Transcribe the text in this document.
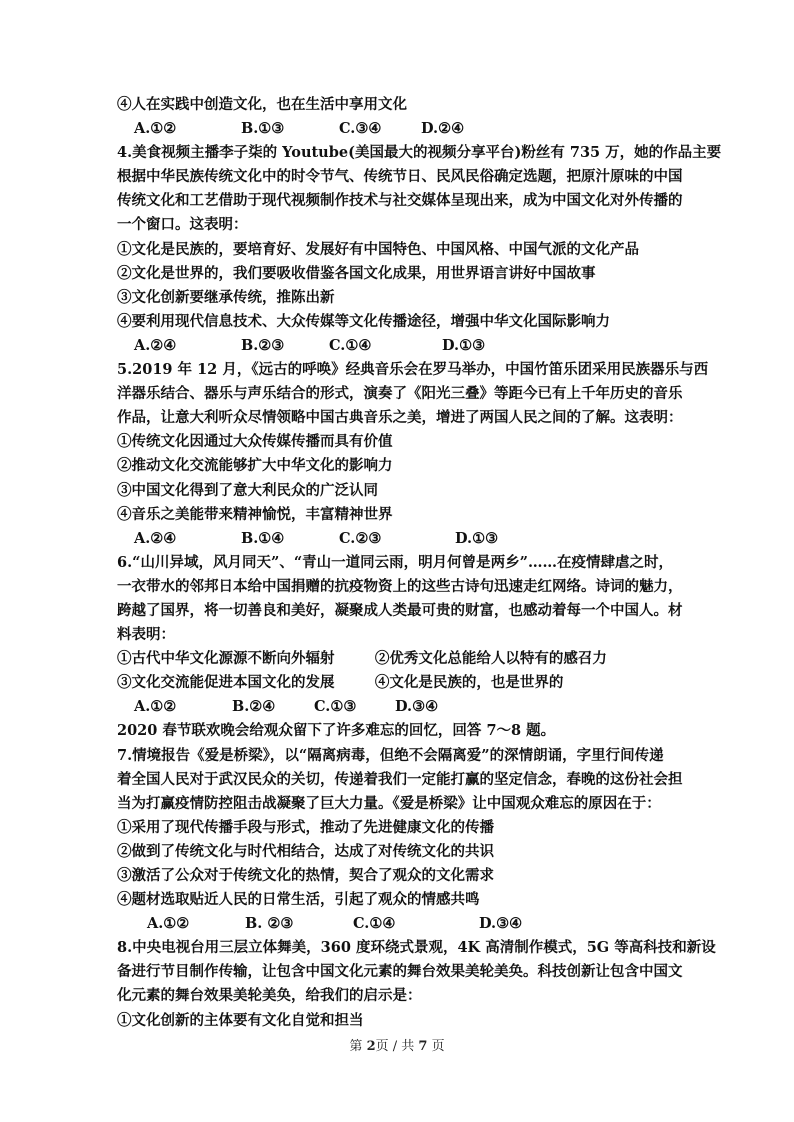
④人在实践中创造文化，也在生活中享用文化
A.①②	B.①③	C.③④	D.②④
4.美食视频主播李子柒的 Youtube(美国最大的视频分享平台)粉丝有 735 万，她的作品主要
根据中华民族传统文化中的时令节气、传统节日、民风民俗确定选题，把原汁原味的中国
传统文化和工艺借助于现代视频制作技术与社交媒体呈现出来，成为中国文化对外传播的
一个窗口。这表明：
①文化是民族的，要培育好、发展好有中国特色、中国风格、中国气派的文化产品
②文化是世界的，我们要吸收借鉴各国文化成果，用世界语言讲好中国故事
③文化创新要继承传统，推陈出新
④要利用现代信息技术、大众传媒等文化传播途径，增强中华文化国际影响力
A.②④	B.②③	C.①④	D.①③
5.2019 年 12 月，《远古的呼唤》经典音乐会在罗马举办，中国竹笛乐团采用民族器乐与西
洋器乐结合、器乐与声乐结合的形式，演奏了《阳光三叠》等距今已有上千年历史的音乐
作品，让意大利听众尽情领略中国古典音乐之美，增进了两国人民之间的了解。这表明：
①传统文化因通过大众传媒传播而具有价值
②推动文化交流能够扩大中华文化的影响力
③中国文化得到了意大利民众的广泛认同
④音乐之美能带来精神愉悦，丰富精神世界
A.②④	B.①④	C.②③	D.①③
6.“山川异域，风月同天”、“青山一道同云雨，明月何曾是两乡”……在疫情肆虐之时，
一衣带水的邻邦日本给中国捐赠的抗疫物资上的这些古诗句迅速走红网络。诗词的魅力，
跨越了国界，将一切善良和美好，凝聚成人类最可贵的财富，也感动着每一个中国人。材
料表明：
①古代中华文化源源不断向外辐射        ②优秀文化总能给人以特有的感召力
③文化交流能促进本国文化的发展        ④文化是民族的，也是世界的
A.①②	B.②④	C.①③	D.③④
2020 春节联欢晚会给观众留下了许多难忘的回忆，回答 7～8 题。
7.情境报告《爱是桥梁》，以“隔离病毒，但绝不会隔离爱”的深情朗诵，字里行间传递
着全国人民对于武汉民众的关切，传递着我们一定能打赢的坚定信念，春晚的这份社会担
当为打赢疫情防控阻击战凝聚了巨大力量。《爱是桥梁》让中国观众难忘的原因在于：
①采用了现代传播手段与形式，推动了先进健康文化的传播
②做到了传统文化与时代相结合，达成了对传统文化的共识
③激活了公众对于传统文化的热情，契合了观众的文化需求
④题材选取贴近人民的日常生活，引起了观众的情感共鸣
A.①②	B. ②③	C.①④	D.③④
8.中央电视台用三层立体舞美，360 度环绕式景观，4K 高清制作模式，5G 等高科技和新设
备进行节目制作传输，让包含中国文化元素的舞台效果美轮美奂。科技创新让包含中国文
化元素的舞台效果美轮美奂，给我们的启示是：
①文化创新的主体要有文化自觉和担当
第 2页 / 共 7 页
